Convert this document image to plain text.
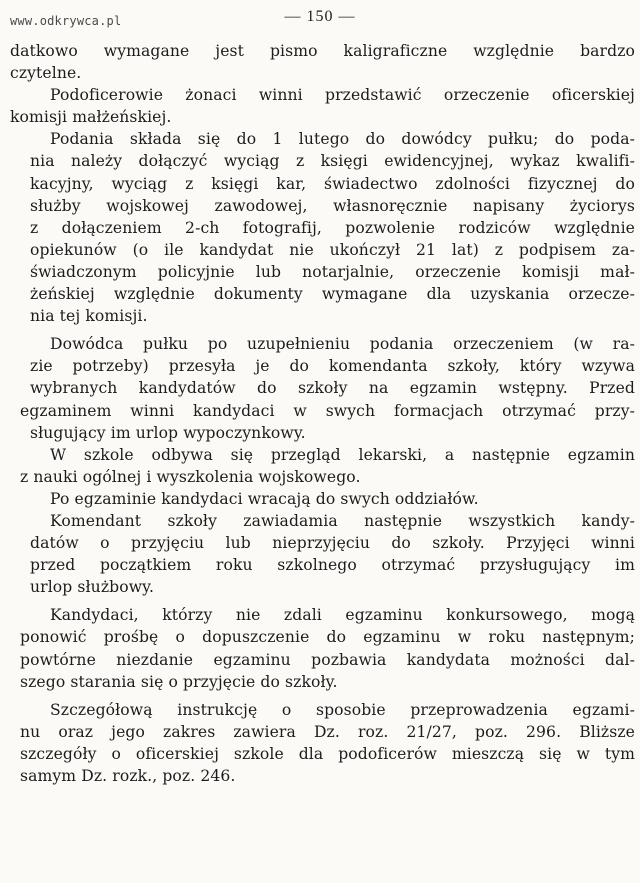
www.odkrywca.pl	— 150 —
datkowo wymagane jest pismo kaligraficzne względnie bardzo
czytelne.
Podoficerowie żonaci winni przedstawić orzeczenie oficerskiej
komisji małżeńskiej.
Podania składa się do 1 lutego do dowódcy pułku; do poda-
nia należy dołączyć wyciąg z księgi ewidencyjnej, wykaz kwalifi-
kacyjny, wyciąg z księgi kar, świadectwo zdolności fizycznej do
służby wojskowej zawodowej, własnoręcznie napisany życiorys
z dołączeniem 2-ch fotografij, pozwolenie rodziców względnie
opiekunów (o ile kandydat nie ukończył 21 lat) z podpisem za-
świadczonym policyjnie lub notarjalnie, orzeczenie komisji mał-
żeńskiej względnie dokumenty wymagane dla uzyskania orzecze-
nia tej komisji.
Dowódca pułku po uzupełnieniu podania orzeczeniem (w ra-
zie potrzeby) przesyła je do komendanta szkoły, który wzywa
wybranych kandydatów do szkoły na egzamin wstępny. Przed
egzaminem winni kandydaci w swych formacjach otrzymać przy-
sługujący im urlop wypoczynkowy.
W szkole odbywa się przegląd lekarski, a następnie egzamin
z nauki ogólnej i wyszkolenia wojskowego.
Po egzaminie kandydaci wracają do swych oddziałów.
Komendant szkoły zawiadamia następnie wszystkich kandy-
datów o przyjęciu lub nieprzyjęciu do szkoły. Przyjęci winni
przed początkiem roku szkolnego otrzymać przysługujący im
urlop służbowy.
Kandydaci, którzy nie zdali egzaminu konkursowego, mogą
ponowić prośbę o dopuszczenie do egzaminu w roku następnym;
powtórne niezdanie egzaminu pozbawia kandydata możności dal-
szego starania się o przyjęcie do szkoły.
Szczegółową instrukcję o sposobie przeprowadzenia egzami-
nu oraz jego zakres zawiera Dz. roz. 21/27, poz. 296. Bliższe
szczegóły o oficerskiej szkole dla podoficerów mieszczą się w tym
samym Dz. rozk., poz. 246.
